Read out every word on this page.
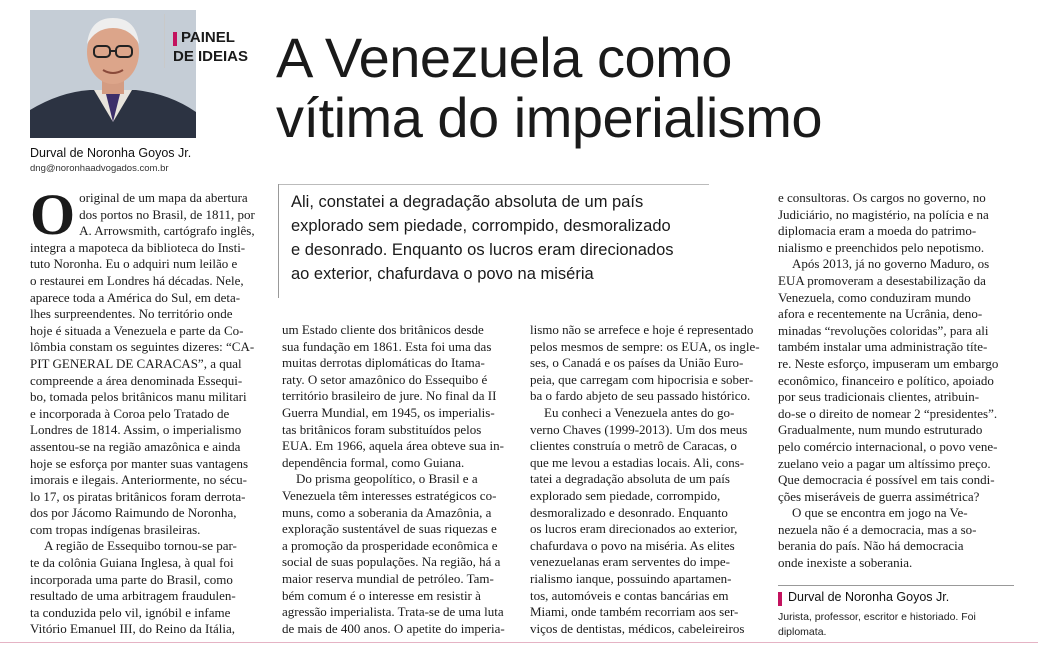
Durval de Noronha Goyos Jr.
dng@noronhaadvogados.com.br
PAINEL
DE IDEIAS A Venezuela como
vítima do imperialismo
Ali, constatei a degradação absoluta de um país
explorado sem piedade, corrompido, desmoralizado
e desonrado. Enquanto os lucros eram direcionados
ao exterior, chafurdava o povo na miséria
O original de um mapa da abertura
dos portos no Brasil, de 1811, por
A. Arrowsmith, cartógrafo inglês,
integra a mapoteca da biblioteca do Insti-
tuto Noronha. Eu o adquiri num leilão e
o restaurei em Londres há décadas. Nele,
aparece toda a América do Sul, em deta-
lhes surpreendentes. No território onde
hoje é situada a Venezuela e parte da Co-
lômbia constam os seguintes dizeres: “CA-
PIT GENERAL DE CARACAS”, a qual
compreende a área denominada Essequi-
bo, tomada pelos britânicos manu militari
e incorporada à Coroa pelo Tratado de
Londres de 1814. Assim, o imperialismo
assentou-se na região amazônica e ainda
hoje se esforça por manter suas vantagens
imorais e ilegais. Anteriormente, no sécu-
lo 17, os piratas britânicos foram derrota-
dos por Jácomo Raimundo de Noronha,
com tropas indígenas brasileiras.
A região de Essequibo tornou-se par-
te da colônia Guiana Inglesa, à qual foi
incorporada uma parte do Brasil, como
resultado de uma arbitragem fraudulen-
ta conduzida pelo vil, ignóbil e infame
Vitório Emanuel III, do Reino da Itália,
um Estado cliente dos britânicos desde
sua fundação em 1861. Esta foi uma das
muitas derrotas diplomáticas do Itama-
raty. O setor amazônico do Essequibo é
território brasileiro de jure. No final da II
Guerra Mundial, em 1945, os imperialis-
tas britânicos foram substituídos pelos
EUA. Em 1966, aquela área obteve sua in-
dependência formal, como Guiana.
Do prisma geopolítico, o Brasil e a
Venezuela têm interesses estratégicos co-
muns, como a soberania da Amazônia, a
exploração sustentável de suas riquezas e
a promoção da prosperidade econômica e
social de suas populações. Na região, há a
maior reserva mundial de petróleo. Tam-
bém comum é o interesse em resistir à
agressão imperialista. Trata-se de uma luta
de mais de 400 anos. O apetite do imperia-
lismo não se arrefece e hoje é representado
pelos mesmos de sempre: os EUA, os ingle-
ses, o Canadá e os países da União Euro-
peia, que carregam com hipocrisia e sober-
ba o fardo abjeto de seu passado histórico.
Eu conheci a Venezuela antes do go-
verno Chaves (1999-2013). Um dos meus
clientes construía o metrô de Caracas, o
que me levou a estadias locais. Ali, cons-
tatei a degradação absoluta de um país
explorado sem piedade, corrompido,
desmoralizado e desonrado. Enquanto
os lucros eram direcionados ao exterior,
chafurdava o povo na miséria. As elites
venezuelanas eram serventes do impe-
rialismo ianque, possuindo apartamen-
tos, automóveis e contas bancárias em
Miami, onde também recorriam aos ser-
viços de dentistas, médicos, cabeleireiros
e consultoras. Os cargos no governo, no
Judiciário, no magistério, na polícia e na
diplomacia eram a moeda do patrimo-
nialismo e preenchidos pelo nepotismo.
Após 2013, já no governo Maduro, os
EUA promoveram a desestabilização da
Venezuela, como conduziram mundo
afora e recentemente na Ucrânia, deno-
minadas “revoluções coloridas”, para ali
também instalar uma administração títe-
re. Neste esforço, impuseram um embargo
econômico, financeiro e político, apoiado
por seus tradicionais clientes, atribuin-
do-se o direito de nomear 2 “presidentes”.
Gradualmente, num mundo estruturado
pelo comércio internacional, o povo vene-
zuelano veio a pagar um altíssimo preço.
Que democracia é possível em tais condi-
ções miseráveis de guerra assimétrica?
O que se encontra em jogo na Ve-
nezuela não é a democracia, mas a so-
berania do país. Não há democracia
onde inexiste a soberania.
Durval de Noronha Goyos Jr.
Jurista, professor, escritor e historiado. Foi
diplomata.
